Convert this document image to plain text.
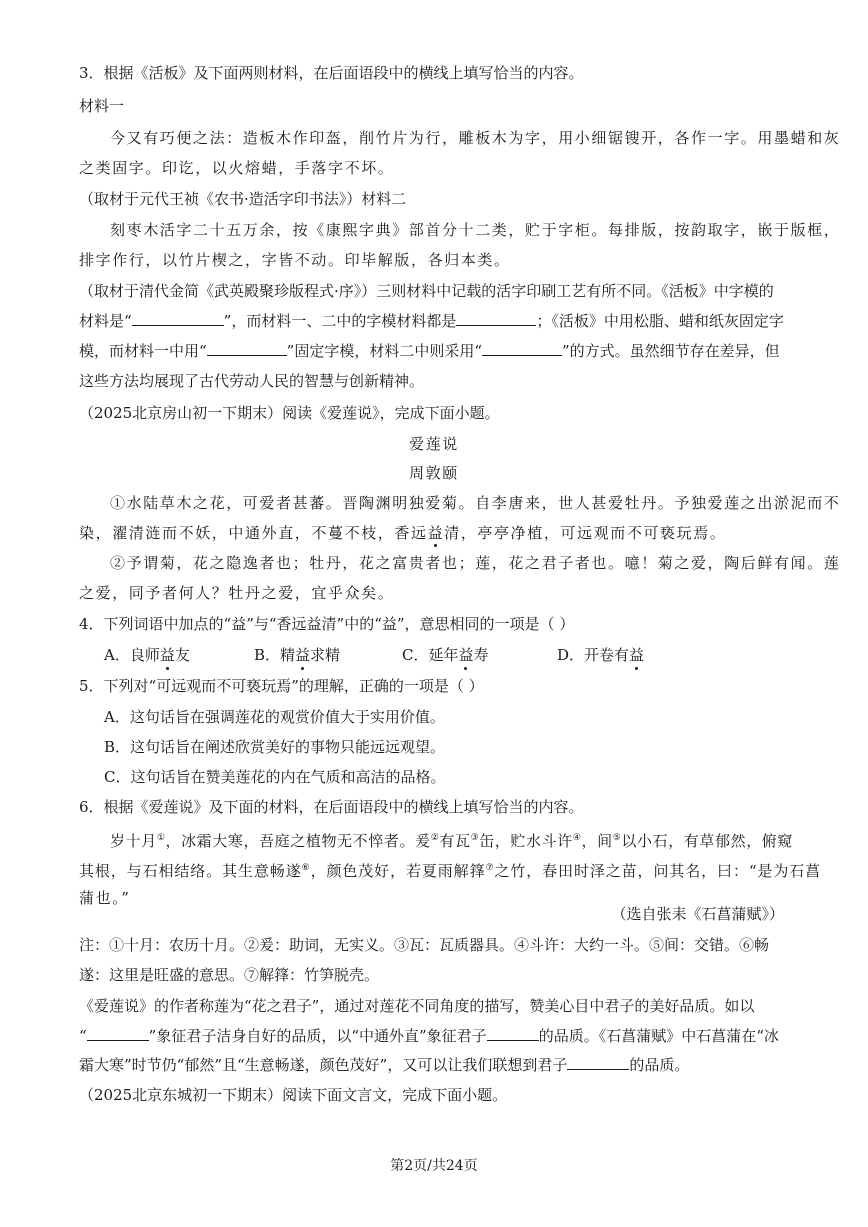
3．根据《活板》及下面两则材料，在后面语段中的横线上填写恰当的内容。
材料一
今又有巧便之法：造板木作印盔，削竹片为行，雕板木为字，用小细锯锼开，各作一字。用墨蜡和灰
之类固字。印讫，以火熔蜡，手落字不坏。
（取材于元代王祯《农书·造活字印书法》）材料二
刻枣木活字二十五万余，按《康熙字典》部首分十二类，贮于字柜。每排版，按韵取字，嵌于版框，
排字作行，以竹片楔之，字皆不动。印毕解版，各归本类。
（取材于清代金简《武英殿聚珍版程式·序》）三则材料中记载的活字印刷工艺有所不同。《活板》中字模的
材料是“	”，而材料一、二中的字模材料都是	；《活板》中用松脂、蜡和纸灰固定字
模，而材料一中用“	”固定字模，材料二中则采用“	”的方式。虽然细节存在差异，但
这些方法均展现了古代劳动人民的智慧与创新精神。
（2025北京房山初一下期末）阅读《爱莲说》，完成下面小题。
爱莲说
周敦颐
①水陆草木之花，可爱者甚蕃。晋陶渊明独爱菊。自李唐来，世人甚爱牡丹。予独爱莲之出淤泥而不
染，濯清涟而不妖，中通外直，不蔓不枝，香远益清，亭亭净植，可远观而不可亵玩焉。
②予谓菊，花之隐逸者也；牡丹，花之富贵者也；莲，花之君子者也。噫！菊之爱，陶后鲜有闻。莲
之爱，同予者何人？牡丹之爱，宜乎众矣。
4．下列词语中加点的“益”与“香远益清”中的“益”，意思相同的一项是（ ）
A．良师益友	B．精益求精	C．延年益寿	D．开卷有益
5．下列对“可远观而不可亵玩焉”的理解，正确的一项是（ ）
A．这句话旨在强调莲花的观赏价值大于实用价值。
B．这句话旨在阐述欣赏美好的事物只能远远观望。
C．这句话旨在赞美莲花的内在气质和高洁的品格。
6．根据《爱莲说》及下面的材料，在后面语段中的横线上填写恰当的内容。
岁十月①，冰霜大寒，吾庭之植物无不悴者。爰②有瓦③缶，贮水斗许④，间⑤以小石，有草郁然，俯窥
其根，与石相结络。其生意畅遂⑥，颜色茂好，若夏雨解箨⑦之竹，春田时泽之苗，问其名，曰：“是为石菖
蒲也。”
（选自张耒《石菖蒲赋》）
注：①十月：农历十月。②爰：助词，无实义。③瓦：瓦质器具。④斗许：大约一斗。⑤间：交错。⑥畅
遂：这里是旺盛的意思。⑦解箨：竹笋脱壳。
《爱莲说》的作者称莲为“花之君子”，通过对莲花不同角度的描写，赞美心目中君子的美好品质。如以
“	”象征君子洁身自好的品质，以“中通外直”象征君子	的品质。《石菖蒲赋》中石菖蒲在“冰
霜大寒”时节仍“郁然”且“生意畅遂，颜色茂好”，又可以让我们联想到君子	的品质。
（2025北京东城初一下期末）阅读下面文言文，完成下面小题。
第2页/共24页
